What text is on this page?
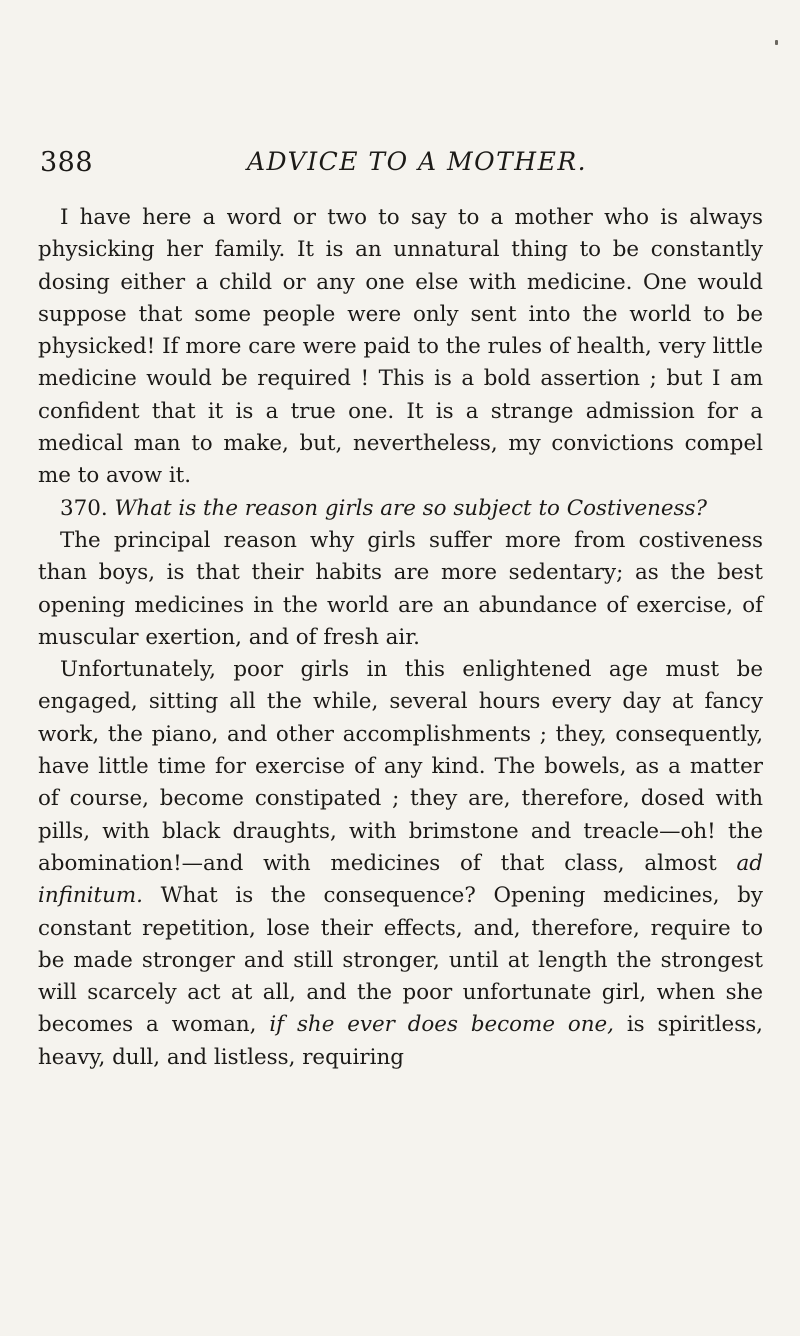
388	ADVICE TO A MOTHER.

I have here a word or two to say to a mother who is always physicking her family. It is an unnatural thing to be constantly dosing either a child or any one else with medicine. One would suppose that some people were only sent into the world to be physicked! If more care were paid to the rules of health, very little medicine would be required ! This is a bold assertion ; but I am confident that it is a true one. It is a strange admission for a medical man to make, but, nevertheless, my convictions compel me to avow it.

370. What is the reason girls are so subject to Costiveness?

The principal reason why girls suffer more from costiveness than boys, is that their habits are more sedentary; as the best opening medicines in the world are an abundance of exercise, of muscular exertion, and of fresh air.

Unfortunately, poor girls in this enlightened age must be engaged, sitting all the while, several hours every day at fancy work, the piano, and other accomplishments ; they, consequently, have little time for exercise of any kind. The bowels, as a matter of course, become constipated ; they are, therefore, dosed with pills, with black draughts, with brimstone and treacle—oh! the abomination!—and with medicines of that class, almost ad infinitum. What is the consequence? Opening medicines, by constant repetition, lose their effects, and, therefore, require to be made stronger and still stronger, until at length the strongest will scarcely act at all, and the poor unfortunate girl, when she becomes a woman, if she ever does become one, is spiritless, heavy, dull, and listless, requiring
